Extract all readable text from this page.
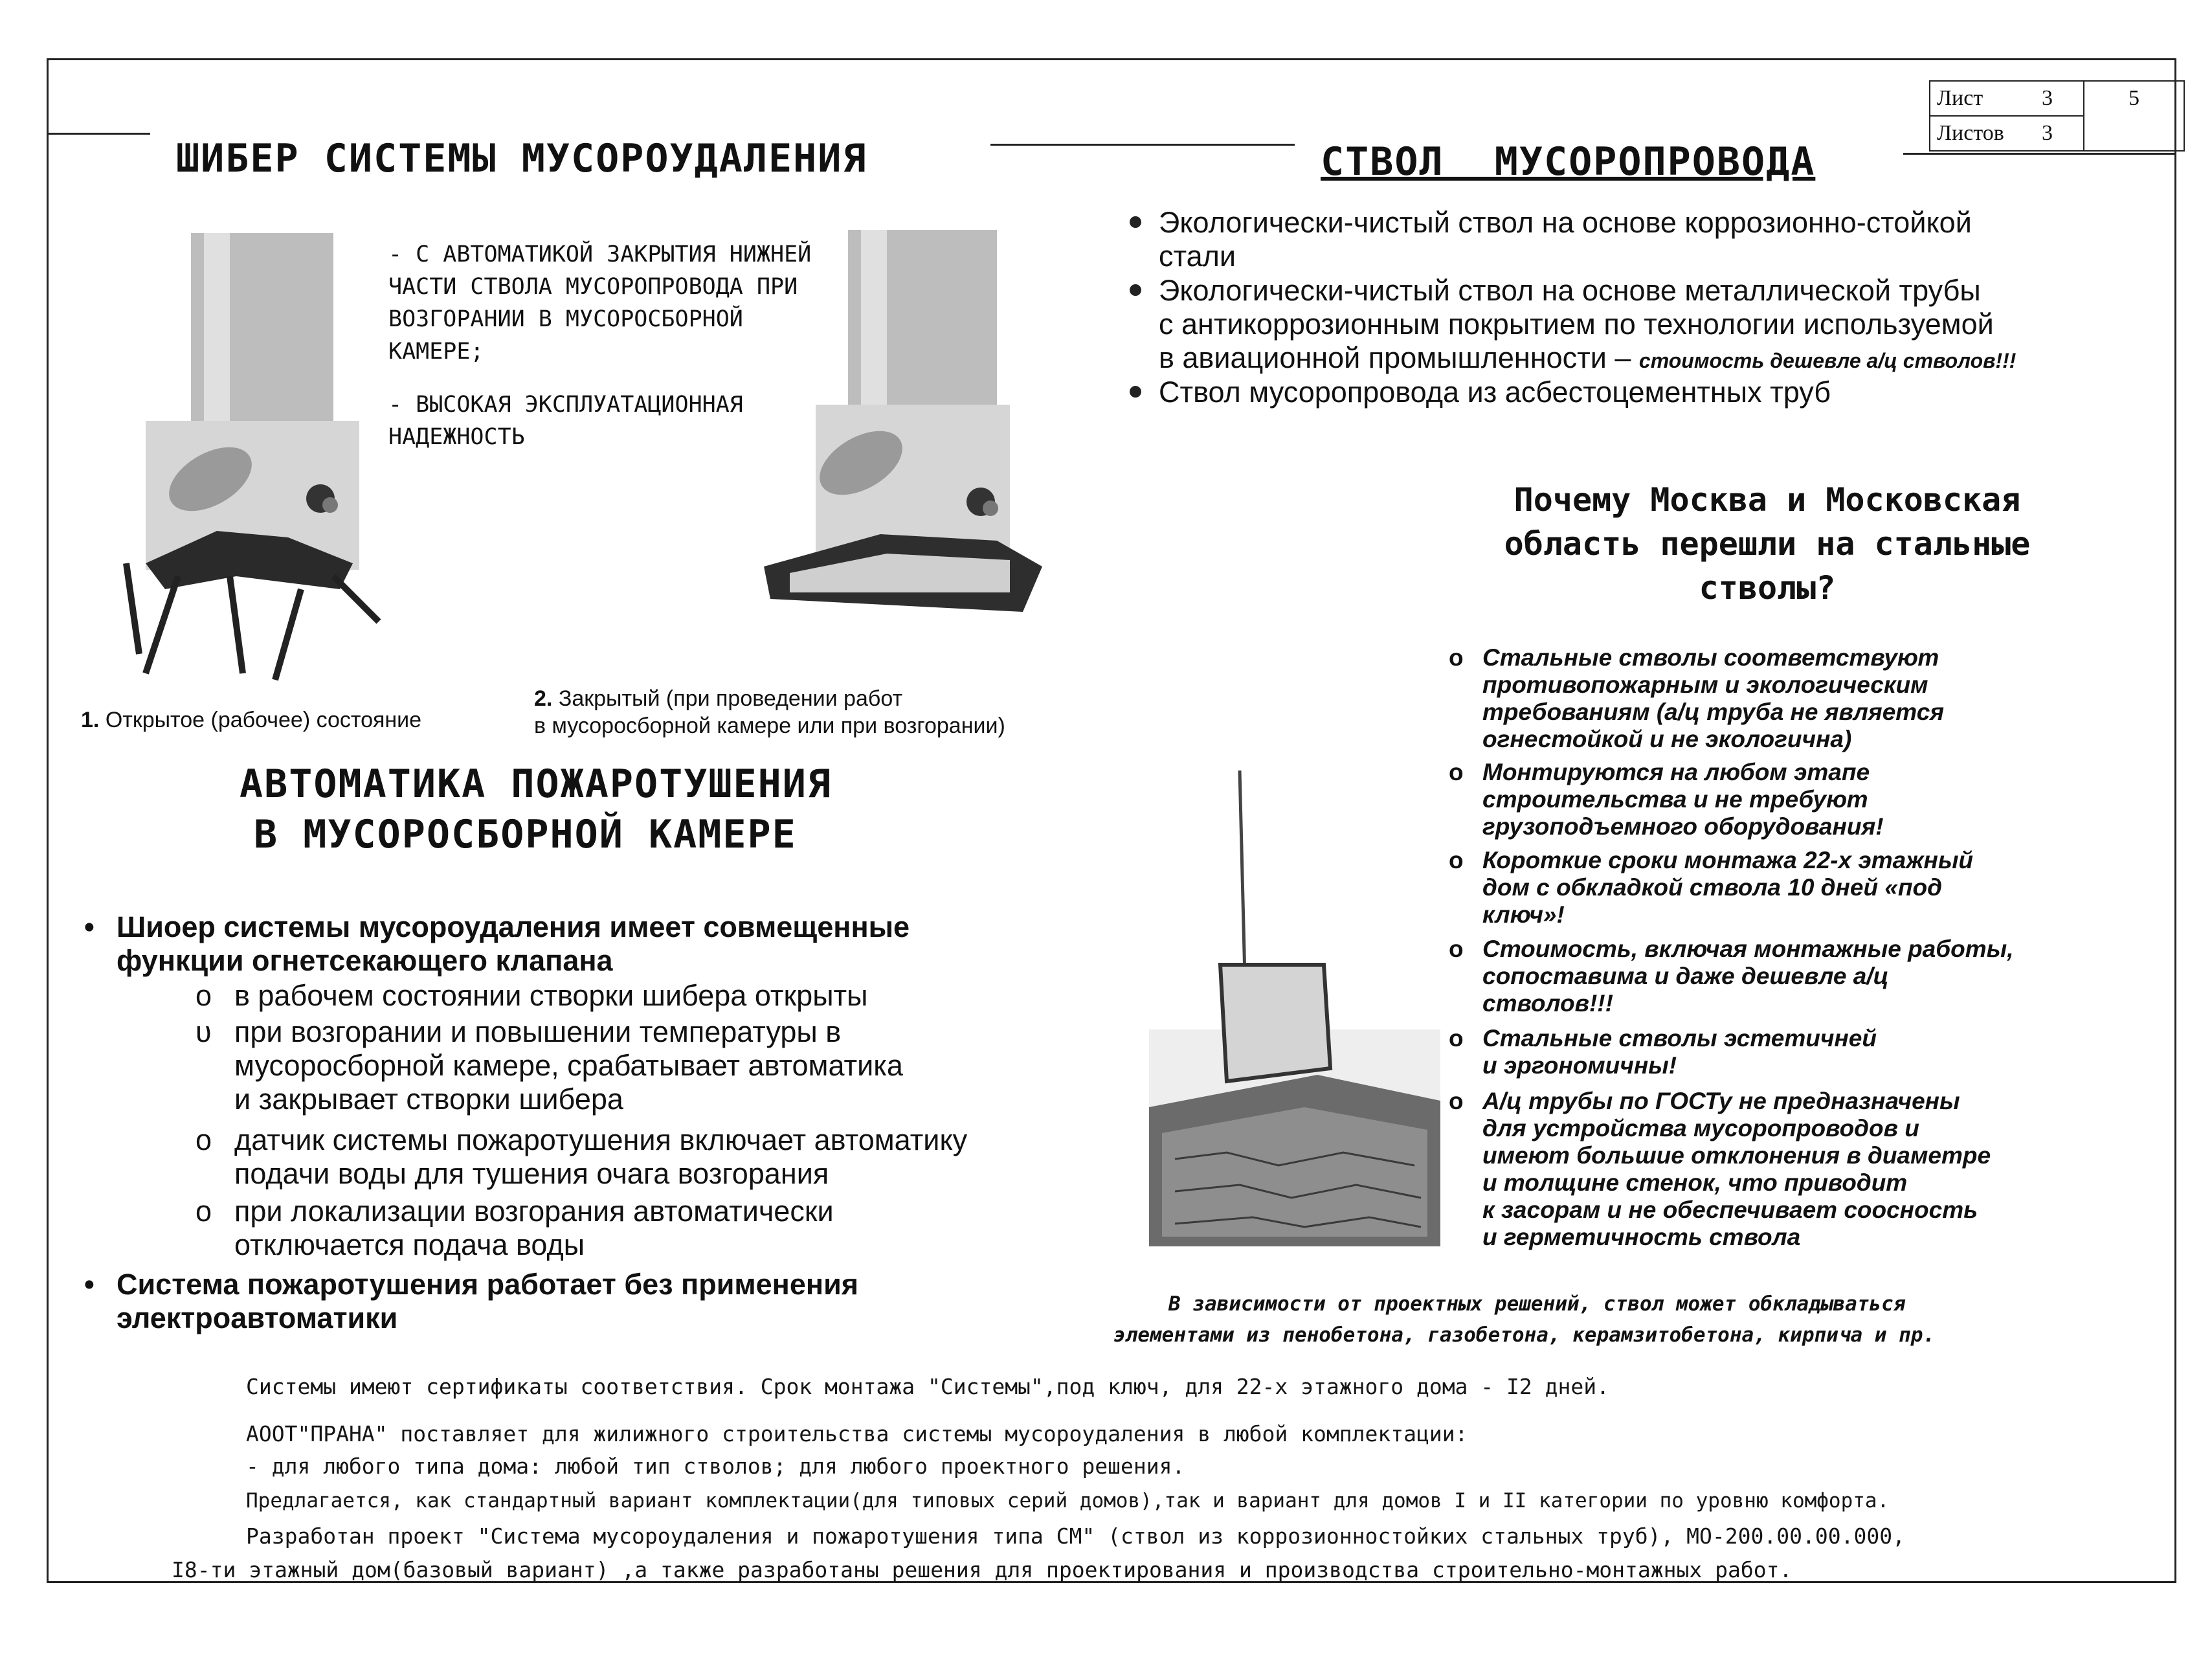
Лист	3
Листов 3
5
ШИБЕР СИСТЕМЫ МУСОРОУДАЛЕНИЯ
- С АВТОМАТИКОЙ ЗАКРЫТИЯ НИЖНЕЙ ЧАСТИ СТВОЛА МУСОРОПРОВОДА ПРИ ВОЗГОРАНИИ В МУСОРОСБОРНОЙ КАМЕРЕ;
- ВЫСОКАЯ ЭКСПЛУАТАЦИОННАЯ НАДЕЖНОСТЬ
1. Открытое (рабочее) состояние
2. Закрытый (при проведении работ
в мусоросборной камере или при возгорании)
АВТОМАТИКА ПОЖАРОТУШЕНИЯ
В МУСОРОСБОРНОЙ КАМЕРЕ
• Шиоер системы мусороудаления имеет совмещенные
функции огнетсекающего клапана
o в рабочем состоянии створки шибера открыты
υ при возгорании и повышении температуры в
мусоросборной камере, срабатывает автоматика
и закрывает створки шибера
o датчик системы пожаротушения включает автоматику
подачи воды для тушения очага возгорания
o при локализации возгорания автоматически
отключается подача воды
• Система пожаротушения работает без применения
электроавтоматики
СТВОЛ МУСОРОПРОВОДА
Экологически-чистый ствол на основе коррозионно-стойкой
стали
Экологически-чистый ствол на основе металлической трубы
с антикоррозионным покрытием по технологии используемой
в авиационной промышленности – стоимость дешевле а/ц стволов!!!
Ствол мусоропровода из асбестоцементных труб
Почему Москва и Московская
область перешли на стальные
стволы?
o Стальные стволы соответствуют
противопожарным и экологическим
требованиям (а/ц труба не является
огнестойкой и не экологична)
o Монтируются на любом этапе
строительства и не требуют
грузоподъемного оборудования!
o Короткие сроки монтажа 22-х этажный
дом с обкладкой ствола 10 дней «под
ключ»!
o Стоимость, включая монтажные работы,
сопоставима и даже дешевле а/ц
стволов!!!
o Стальные стволы эстетичней
и эргономичны!
o А/ц трубы по ГОСТу не предназначены
для устройства мусоропроводов и
имеют большие отклонения в диаметре
и толщине стенок, что приводит
к засорам и не обеспечивает соосность
и герметичность ствола
В зависимости от проектных решений, ствол может обкладываться
элементами из пенобетона, газобетона, керамзитобетона, кирпича и пр.
Системы имеют сертификаты соответствия. Срок монтажа "Системы",под ключ, для 22-х этажного дома - I2 дней.
АООТ"ПРАНА" поставляет для жилижного строительства системы мусороудаления в любой комплектации:
- для любого типа дома: любой тип стволов; для любого проектного решения.
Предлагается, как стандартный вариант комплектации(для типовых серий домов),так и вариант для домов I и II категории по уровню комфорта.
Разработан проект "Система мусороудаления и пожаротушения типа СМ" (ствол из коррозионностойких стальных труб), МО-200.00.00.000,
I8-ти этажный дом(базовый вариант) ,а также разработаны решения для проектирования и производства строительно-монтажных работ.
